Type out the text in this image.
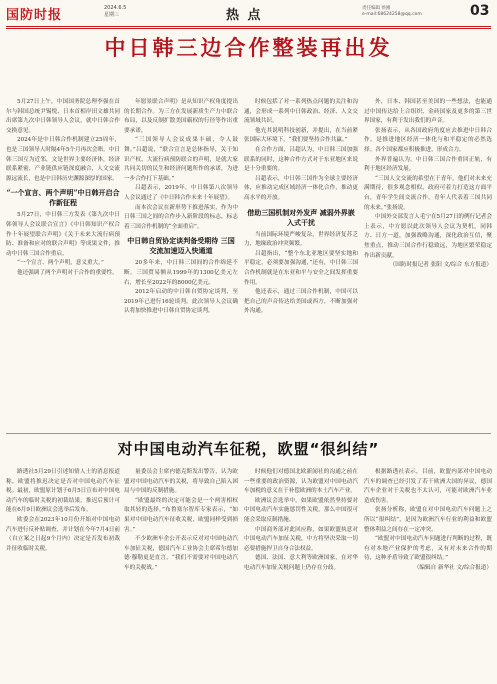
国防时报	2024.6.5
星期三	热 点	责任编辑 侯刚
e-mail:68624258@qq.com	03
中日韩三边合作整装再出发

5月27日上午，中国国务院总理李强在首尔与韩国总统尹锡悦、日本首相岸田文雄共同出席第九次中日韩领导人会议，就中日韩合作交换意见。

2024年是中日韩合作机制建立25周年，也是三国领导人时隔4年5个月再次会晤。中日韩三国互为近邻，文是世界主要经济体，经济联系紧密，产业链供应链深度融合，人文交流源远流长，也是中日韩历史渊源深厚的国家。

“一个宣言、两个声明”中日韩开启合作新征程

5月27日，中日韩三方发表《第九次中日韩领导人会议联合宣言》《中日韩知识产权合作十年展望联合声明》《关于未来大流行病预防、准备和应对的联合声明》等成果文件，推动中日韩三国合作重启。

“一个宣言、两个声明，意义重大。”

他还强调了两个声明对于合作的重要性。

年愿景联合声明》是从知识产权角度提出的长期合作。为三方在发展新质生产力中联合布局，以及反制扩散美国霸权的行径等作出重要承诺。

“三国领导人会议成果丰硕，令人鼓舞。”吕超说，“联合宣言是总体指导，关于知识产权、大流行病预防联合的声明，是就大家共同关切的民生和经济问题所作的承诺，为进一步合作打下基础。”

吕超表示，2019年，中日韩第八次领导人会议通过了《中日韩合作未来十年展望》。

而本次会议在新形势下推进落实，作为中日韩三国之间的合作步入新阶段的标志，标志着三国合作机制的“全面重启”。

中日韩自贸协定谈判备受期待 三国交流加速迈入快通道

20多年来，中日韩三国间的合作绵延不断。三国贸易额从1999年的1300亿美元左右，增长至2022年的8000亿美元。

2012年启动的中日韩自贸协定谈判，至2019年已进行16轮谈判。此次领导人会议确认将加快推进中日韩自贸协定谈判。

时候包括了对一系列热点问题的关注和沟通，会形成一系列中日韩政治、经济、人文交流领域共识。

他充其说明科技创新，并提出，在当前紧张国际大环境下，“我们要坚持合作共赢。”

在合作方面，吕超认为，中日韩三国加强联系的同时，这种合作方式对于东亚地区来说是十分重要的。

吕超表示，中日韩三国作为全球主要经济体，应推动完成区域经济一体化合作，推动更高水平的开放。

借助三国机制对外发声 减弱外界嵌入式干扰

当前国际环境严峻复杂，世界经济复苏乏力，地缘政治冲突频繁。

吕超指出，“整个东北亚地区要坚实地和平稳定，必须要加强沟通，”还有，中日韩三国合作机制就是在东亚和平与安全之间发挥重要作用。

他还表示，通过三国合作机制，中国可以把自己的声音传达给美国或西方，不断加强对外沟通。

外，日本、韩国甚至美国的一些想法，也能通过中国传达给上合组织、金砖国家及更多的第三世界国家，有利于发出我们的声音。

张扬表示，从各国政府角度应去推进中日韩合作，是推进地区经济一体化与和平稳定的必然选择。各个国家都应积极推进，形成合力。

外界普遍认为，中日韩三国合作重回正轨，有利于地区经济发展。

“三国人文交流的希望在于青年，他们对未来充满期待，很多观念相似，政府可着力打造这方面平台，青年学生间交流合作，青年人代表着三国共同的未来。”张扬说。

中国外交部发言人毛宁在5月27日的例行记者会上表示，中方愿以此次领导人会议为契机，同韩方、日方一道，加强战略沟通，深化政治互信，聚焦重点，推动三国合作行稳致远，为地区繁荣稳定作出新贡献。

（国防时报记者 张阳 文/综合 东方报道）

对中国电动汽车征税，欧盟“很纠结”

路透社5月29日引述知情人士的消息报道称，欧盟将推迟决定是否对中国电动汽车征税。最初，欧盟原计划于6月5日宣布对中国电动汽车的临时关税的初裁结果，推迟后预计可能在6月9日欧洲议会选举后发布。

欧委会在2023年10月份开始对中国电动汽车进行反补贴调查，并计划在今年7月4日前（自立案之日起9个月内）决定是否发布初裁并征收临时关税。

量委员会主席内德克斯发出警告，认为欧盟对中国电动汽车的关税，将导致自己陷入困局与中国的反制措施。

“欧盟最终的决定可能会是一个两害相权取其轻的选择。”布鲁塞尔智库专家表示，“如果对中国电动汽车征收关税，欧盟同样受到损害。”

不少欧洲车企公开表示反对对中国电动汽车加征关税，德国汽车工业协会主席希尔德加德·穆勒更是直言，“我们不需要对中国电动汽车的关税战。”

时候他们对德国北欧新闻社的沟通之前在一些重要的政治资源，认为欧盟对中国电动汽车加税的意义在于补偿欧洲的本土汽车产业。

欧洲议会选举中，如果欧盟依然坚持要对中国电动汽车实施惩罚性关税，那么中国很可能会采取反制措施。

中国商务部对此回应称，如果欧盟执意对中国电动汽车加征关税，中方将坚决采取一切必要措施捍卫自身合法权益。

德国、法国、意大利等欧洲国家，在对华电动汽车加征关税问题上仍存在分歧。

根据路透社表示，目前，欧盟内部对中国电动汽车的调查已经引发了若干欧洲大国的异议，德国汽车企业对于关税也不太认可，可能对欧洲汽车业造成伤害。

张扬分析称，欧盟在对中国电动汽车问题上之所以“很纠结”，是因为欧洲汽车行业的利益和欧盟整体利益之间存在一定冲突。

“欧盟对中国电动汽车问题进行判断的过程，既有对本地产业保护的考虑，又有对未来合作的期待，这种矛盾导致了欧盟很纠结。”

（编辑自 新华社 文/综合报道）
